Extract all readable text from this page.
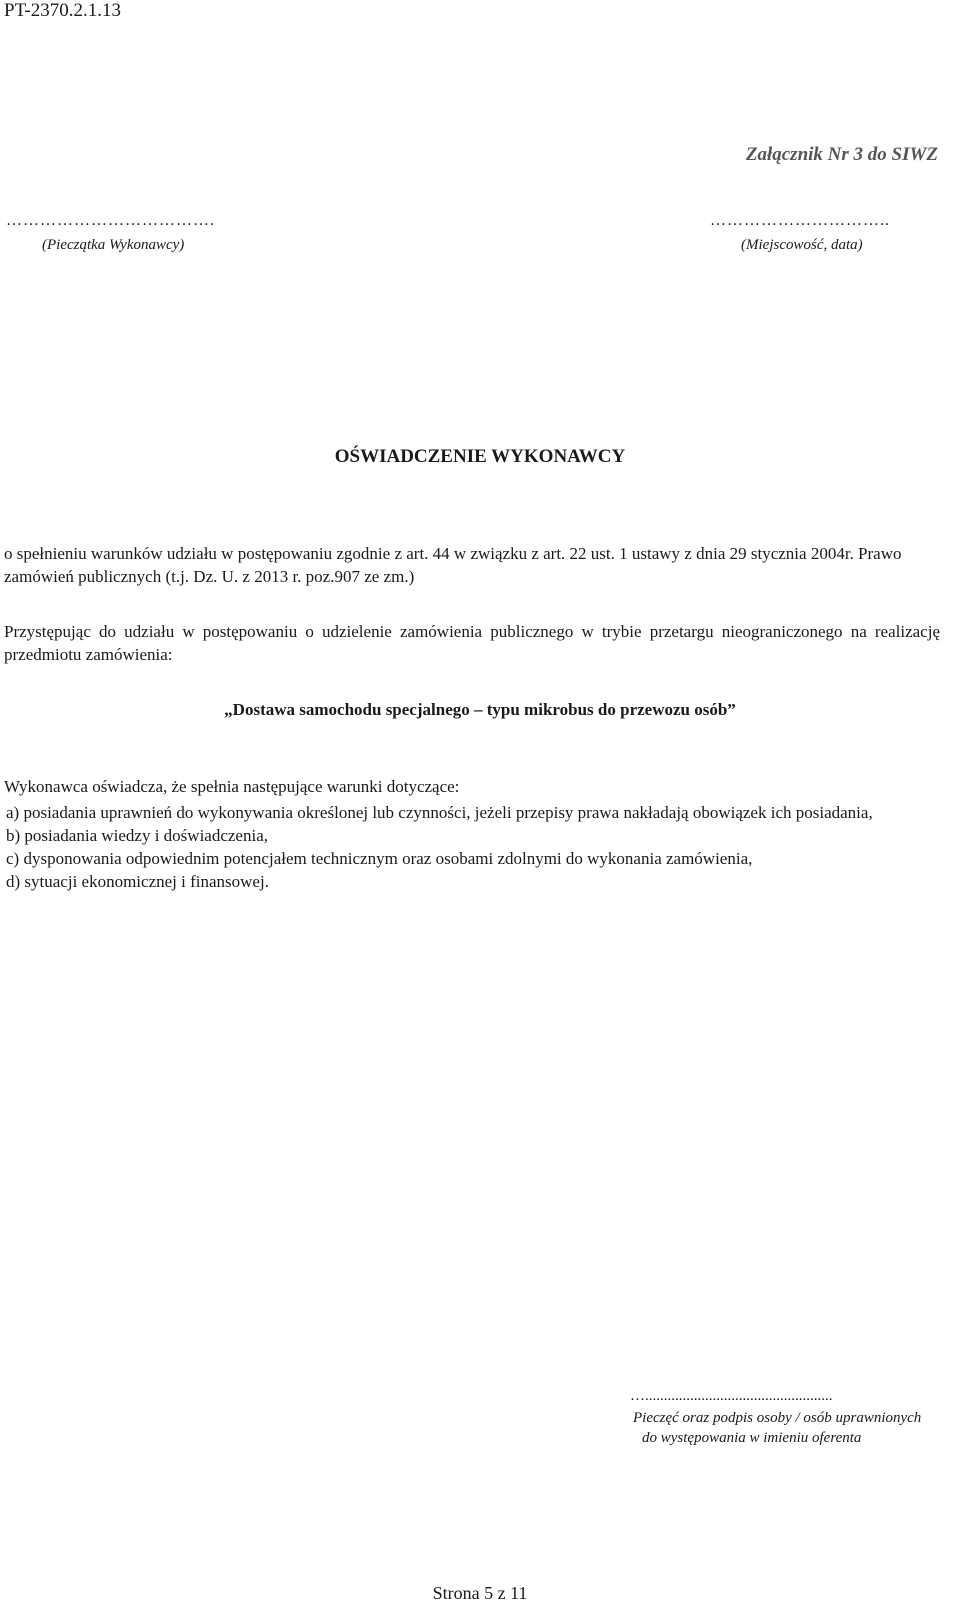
PT-2370.2.1.13
Załącznik Nr 3 do SIWZ
……………………………….
(Pieczątka Wykonawcy)
…………………………..
(Miejscowość, data)
OŚWIADCZENIE WYKONAWCY
o spełnieniu warunków udziału w postępowaniu zgodnie z art. 44 w związku z art. 22 ust. 1 ustawy z dnia 29 stycznia 2004r. Prawo zamówień publicznych (t.j. Dz. U. z 2013 r. poz.907 ze zm.)
Przystępując do udziału w postępowaniu o udzielenie zamówienia publicznego w trybie przetargu nieograniczonego na realizację przedmiotu zamówienia:
„Dostawa samochodu specjalnego – typu mikrobus do przewozu osób”
Wykonawca oświadcza, że spełnia następujące warunki dotyczące:
a) posiadania uprawnień do wykonywania określonej lub czynności, jeżeli przepisy prawa nakładają obowiązek ich posiadania,
b) posiadania wiedzy i doświadczenia,
c) dysponowania odpowiednim potencjałem technicznym oraz osobami zdolnymi do wykonania zamówienia,
d) sytuacji ekonomicznej i finansowej.
…..................................................
Pieczęć oraz podpis osoby / osób uprawnionych
do występowania w imieniu oferenta
Strona 5 z 11
